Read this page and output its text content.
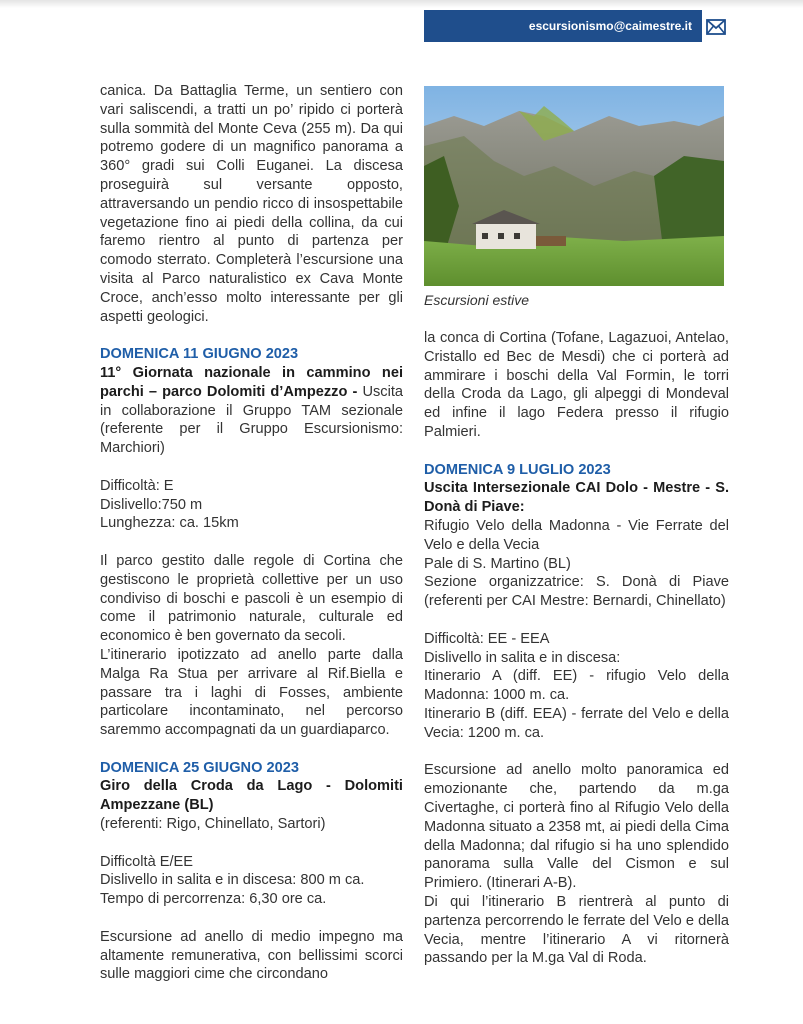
escursionismo@caimestre.it

canica. Da Battaglia Terme, un sentiero con vari saliscendi, a tratti un po’ ripido ci porterà sulla sommità del Monte Ceva (255 m). Da qui potremo godere di un magnifico panorama a 360° gradi sui Colli Euganei. La discesa proseguirà sul versante opposto, attraversando un pendio ricco di insospettabile vegetazione fino ai piedi della collina, da cui faremo rientro al punto di partenza per comodo sterrato. Completerà l’escursione una visita al Parco naturalistico ex Cava Monte Croce, anch’esso molto interessante per gli aspetti geologici.

DOMENICA 11 GIUGNO 2023

11° Giornata nazionale in cammino nei parchi – parco Dolomiti d’Ampezzo - Uscita in collaborazione il Gruppo TAM sezionale (referente per il Gruppo Escursionismo: Marchiori)

Difficoltà: E

Dislivello:750 m

Lunghezza: ca. 15km

Il parco gestito dalle regole di Cortina che gestiscono le proprietà collettive per un uso condiviso di boschi e pascoli è un esempio di come il patrimonio naturale, culturale ed economico è ben governato da secoli.

L’itinerario ipotizzato ad anello parte dalla Malga Ra Stua per arrivare al Rif.Biella e passare tra i laghi di Fosses, ambiente particolare incontaminato, nel percorso saremmo accompagnati da un guardiaparco.

DOMENICA 25 GIUGNO 2023

Giro della Croda da Lago - Dolomiti Ampezzane (BL)

(referenti: Rigo, Chinellato, Sartori)

Difficoltà E/EE

Dislivello in salita e in discesa: 800 m ca.

Tempo di percorrenza: 6,30 ore ca.

Escursione ad anello di medio impegno ma altamente remunerativa, con bellissimi scorci sulle maggiori cime che circondano

Escursioni estive

la conca di Cortina (Tofane, Lagazuoi, Antelao, Cristallo ed Bec de Mesdi) che ci porterà ad ammirare i boschi della Val Formin, le torri della Croda da Lago, gli alpeggi di Mondeval ed infine il lago Federa presso il rifugio Palmieri.

DOMENICA 9 LUGLIO 2023

Uscita Intersezionale CAI Dolo - Mestre - S. Donà di Piave:

Rifugio Velo della Madonna - Vie Ferrate del Velo e della Vecia

Pale di S. Martino (BL)

Sezione organizzatrice: S. Donà di Piave (referenti per CAI Mestre: Bernardi, Chinellato)

Difficoltà: EE - EEA

Dislivello in salita e in discesa:

Itinerario A (diff. EE) - rifugio Velo della Madonna: 1000 m. ca.

Itinerario B (diff. EEA) - ferrate del Velo e della Vecia: 1200 m. ca.

Escursione ad anello molto panoramica ed emozionante che, partendo da m.ga Civertaghe, ci porterà fino al Rifugio Velo della Madonna situato a 2358 mt, ai piedi della Cima della Madonna; dal rifugio si ha uno splendido panorama sulla Valle del Cismon e sul Primiero. (Itinerari A-B).

Di qui l’itinerario B rientrerà al punto di partenza percorrendo le ferrate del Velo e della Vecia, mentre l’itinerario A vi ritornerà passando per la M.ga Val di Roda.
